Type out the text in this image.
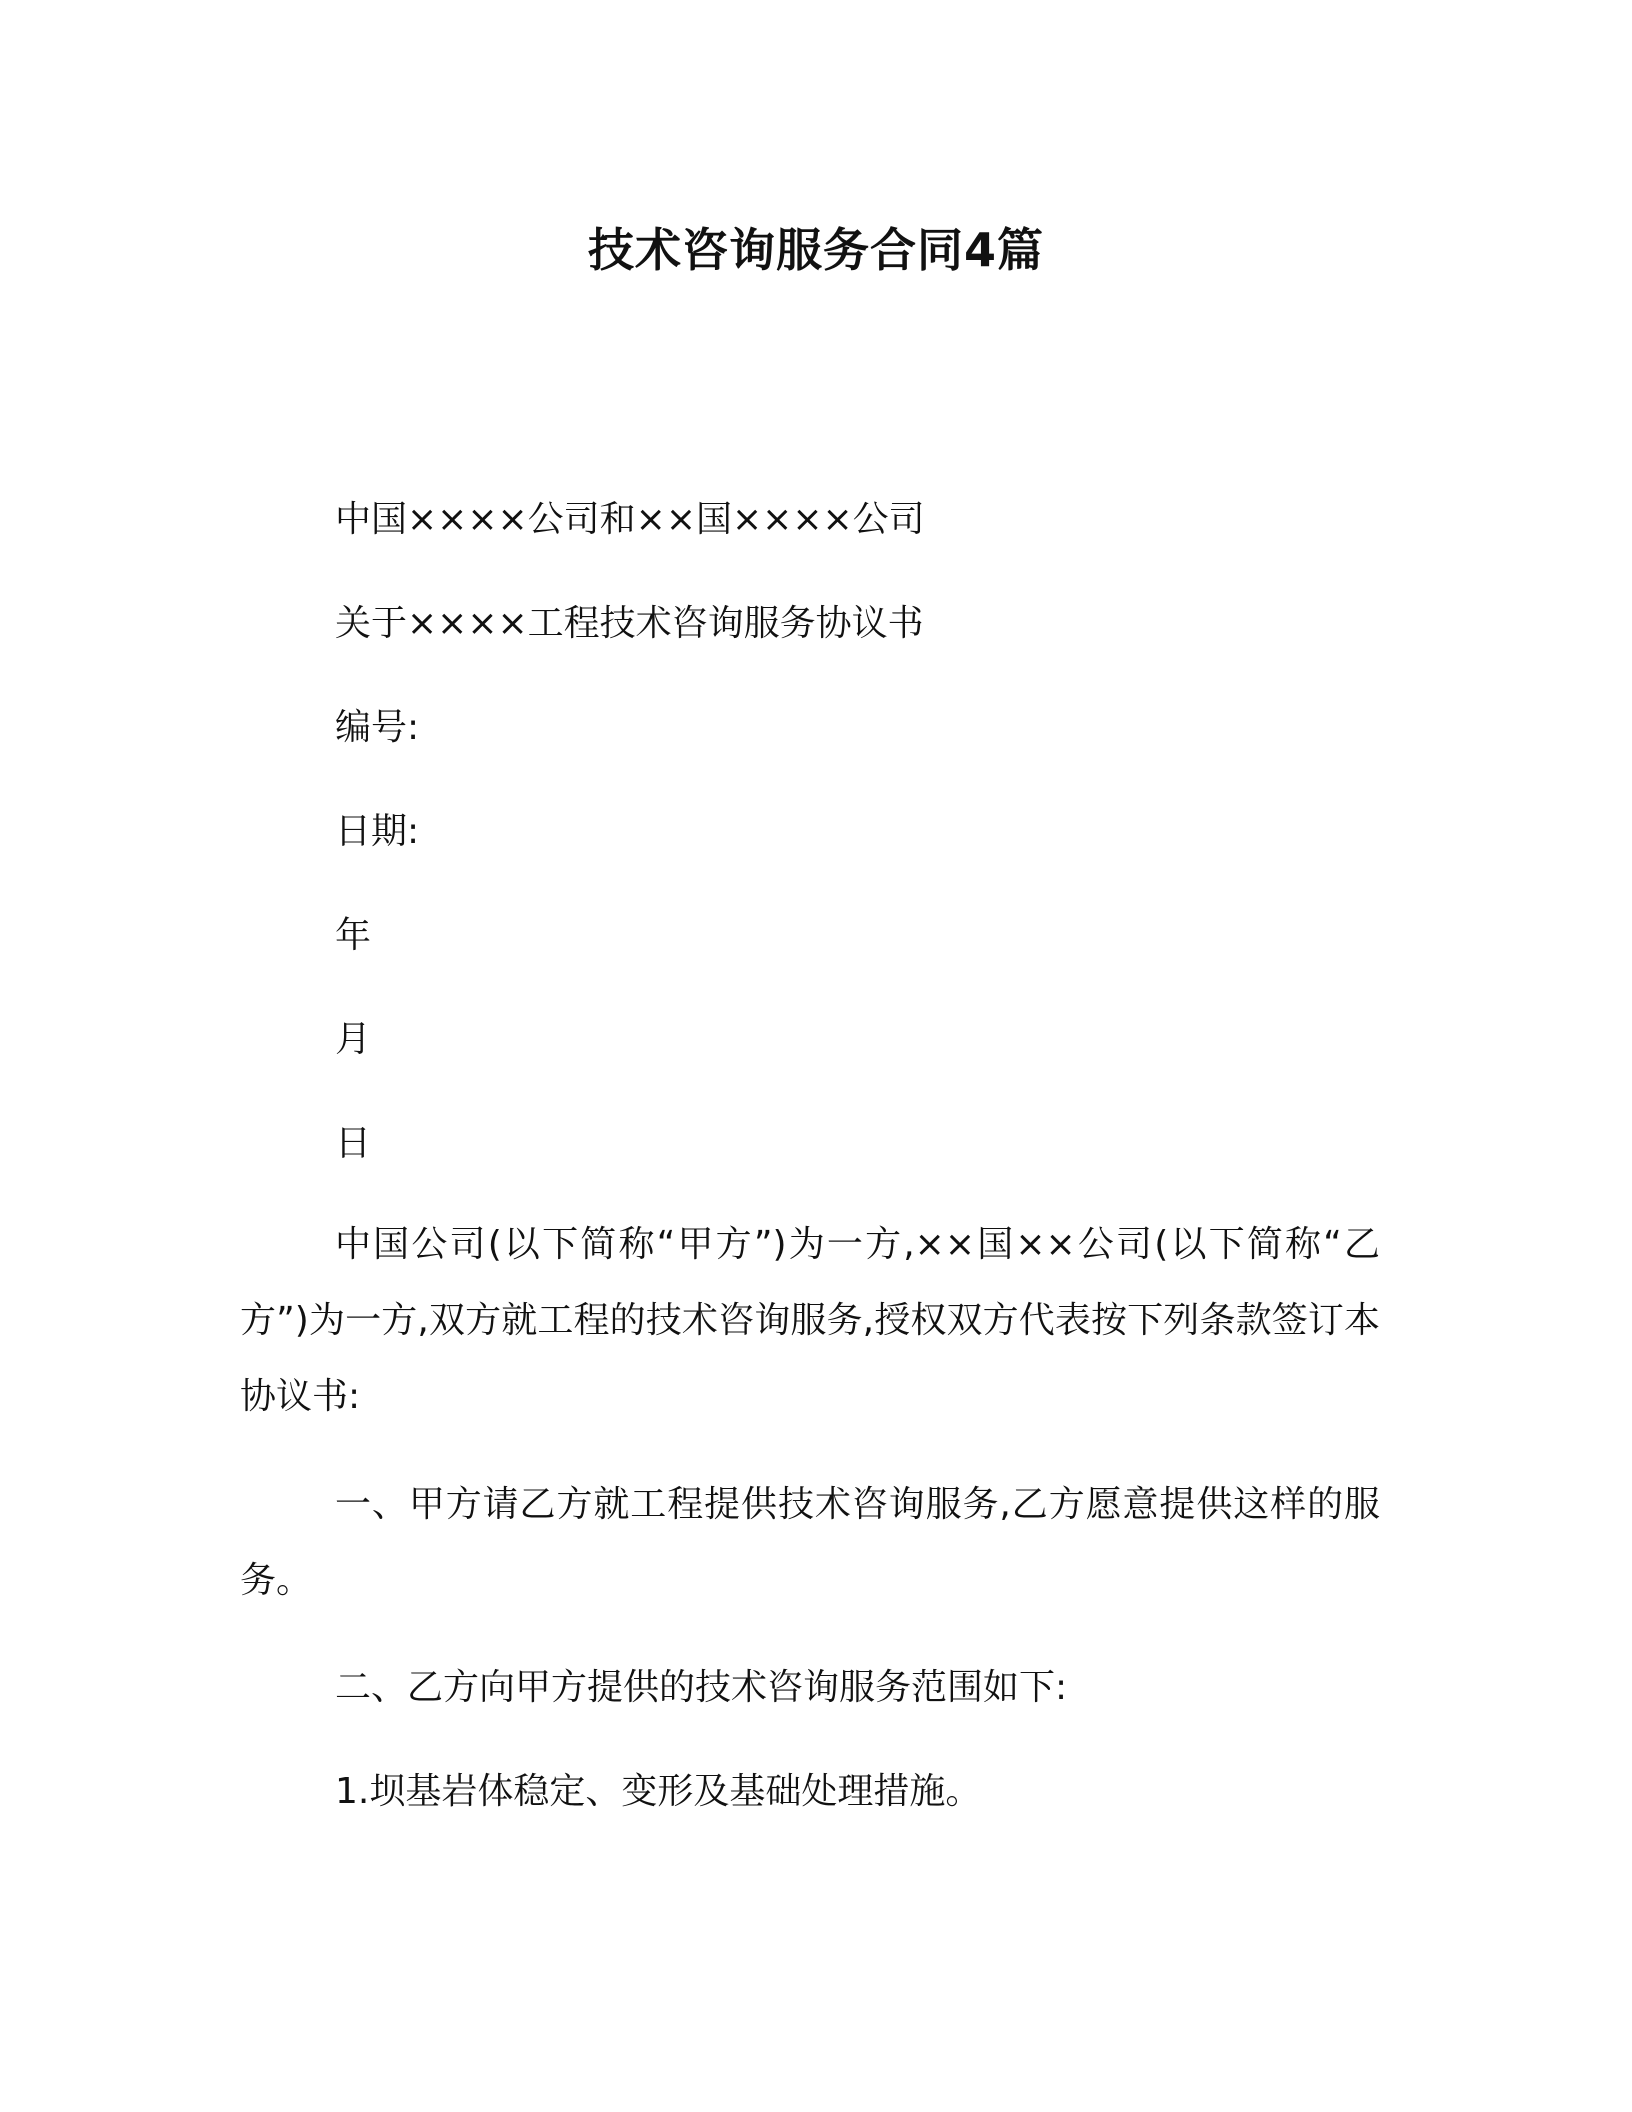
技术咨询服务合同4篇
中国××××公司和××国××××公司
关于××××工程技术咨询服务协议书
编号:
日期:
年
月
日
中国公司(以下简称“甲方”)为一方,××国××公司(以下简称“乙方”)为一方,双方就工程的技术咨询服务,授权双方代表按下列条款签订本协议书:
一、甲方请乙方就工程提供技术咨询服务,乙方愿意提供这样的服务。
二、乙方向甲方提供的技术咨询服务范围如下:
1.坝基岩体稳定、变形及基础处理措施。
